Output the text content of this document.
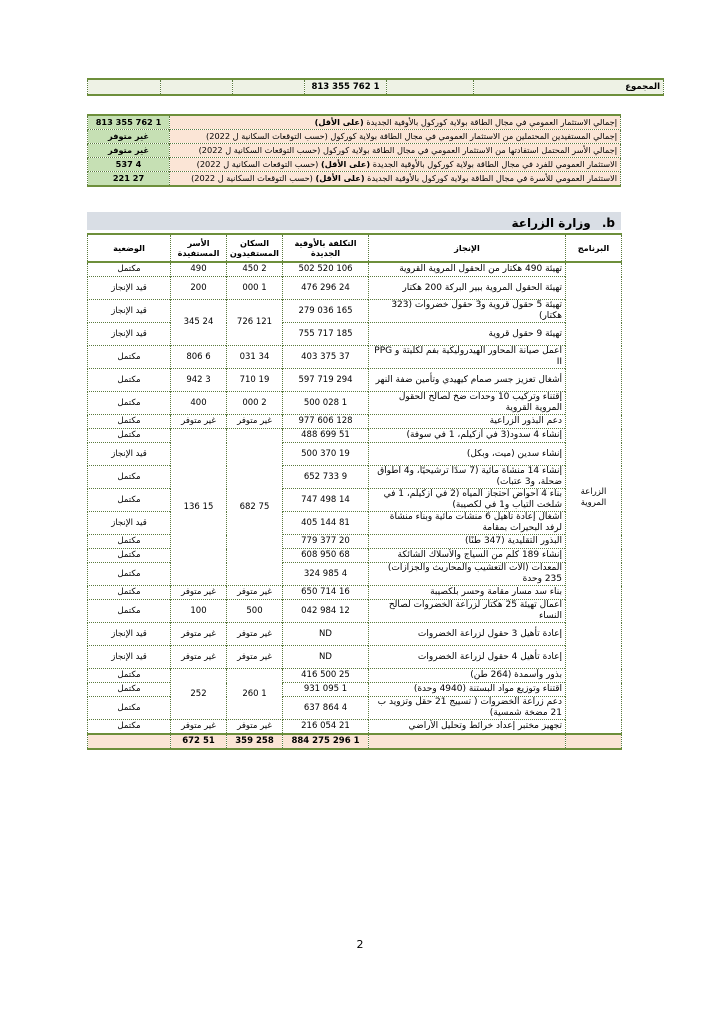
المجموع		1 762 355 813			
إجمالي الاستثمار العمومي في مجال الطاقة بولاية كوركول بالأوفية الجديدة (على الأقل)	1 762 355 813
إجمالي المستفيدين المحتملين من الاستثمار العمومي في مجال الطاقة بولاية كوركول (حسب التوقعات السكانية ل 2022)	غير متوفر
إجمالي الأسر المحتمل استفادتها من الاستثمار العمومي في مجال الطاقة بولاية كوركول (حسب التوقعات السكانية ل 2022)	غير متوفر
الاستثمار العمومي للفرد في مجال الطاقة بولاية كوركول بالأوقية الجديدة (على الأقل) (حسب التوقعات السكانية ل 2022)	4 537
الاستثمار العمومي للأسرة في مجال الطاقة بولاية كوركول بالأوقية الجديدة (على الأقل) (حسب التوقعات السكانية ل 2022)	27 221
b. وزارة الزراعة
البرنامج	الإنجاز	التكلفة بالأوقية الجديدة	السكان المستفيدون	الأسر المستفيدة	الوضعية
الزراعة المروية	تهيئة 490 هكتار من الحقول المروية القروية	106 520 502	2 450	490	مكتمل
	تهيئة الحقول المروية ببير البركة 200 هكتار	24 296 476	1 000	200	قيد الإنجاز
	تهيئة 5 حقول قروية و3 حقول خضروات (323 هكتار)	165 036 279	121 726	24 345	قيد الإنجاز
	تهيئة 9 حقول قروية	185 717 755			قيد الإنجاز
	أعمل صيانة المحاور الهيدروليكية بفم لكليتة و PPG II	37 375 403	34 031	6 806	مكتمل
	أشغال تعزيز جسر صمام كيهيدي وتأمين ضفة النهر	294 719 597	19 710	3 942	مكتمل
	إقتناء وتركيب 10 وحدات ضخ لصالح الحقول المروية القروية	1 028 500	2 000	400	مكتمل
	دعم البذور الزراعية	128 606 977	غير متوفر	غير متوفر	مكتمل
	إنشاء 4 سدود(3 في أزكيلم، 1 في سوفة)	51 699 488	75 682	15 136	مكتمل
	إنشاء سدين (ميت، وبكل)	19 370 500			قيد الإنجاز
	إنشاء 14 منشأة مائية (7 سدًا ترشيحيًا، و4 أطواق ضحلة، و3 عتبات)	9 733 652			مكتمل
	بناء 4 أحواض احتجاز المياه (2 في أزكيلم، 1 في شلخت التياب و1 في لكصيبة)	14 498 747			مكتمل
	أشغال إعادة تأهيل 6 منشات مائية وبناء منشأة لرفد البحيرات بمقامة	81 144 405			قيد الإنجاز
	البذور التقليدية (347 طنًا)	20 377 779			مكتمل
	إنشاء 189 كلم من السياج والأسلاك الشائكة	68 950 608			مكتمل
	المعدات (آلات التعشيب والمحاريث والجزازات) 235 وحدة	4 985 324			مكتمل
	بناء سد مسار مقامة وحسر بلكصيبة	16 714 650	غير متوفر	غير متوفر	مكتمل
	أعمال تهيئة 25 هكتار لزراعة الخضروات لصالح النساء	12 984 042	500	100	مكتمل
	إعادة تأهيل 3 حقول لزراعة الخضروات	ND	غير متوفر	غير متوفر	قيد الإنجاز
	إعادة تأهيل 4 حقول لزراعة الخضروات	ND	غير متوفر	غير متوفر	قيد الإنجاز
	بذور وأسمدة (264 طن)	25 500 416	1 260	252	مكتمل
	اقتناء وتوزيع مواد البستنة (4940 وحدة)	1 095 931			مكتمل
	دعم زراعة الخضروات ( تسييج 21 حقل وتزويد ب 21 مضخة شمسية)	4 864 637			مكتمل
	تجهيز مختبر إعداد خرائط وتحليل الأراضي	21 054 216	غير متوفر	غير متوفر	مكتمل
		1 296 275 884	258 359	51 672	
2
